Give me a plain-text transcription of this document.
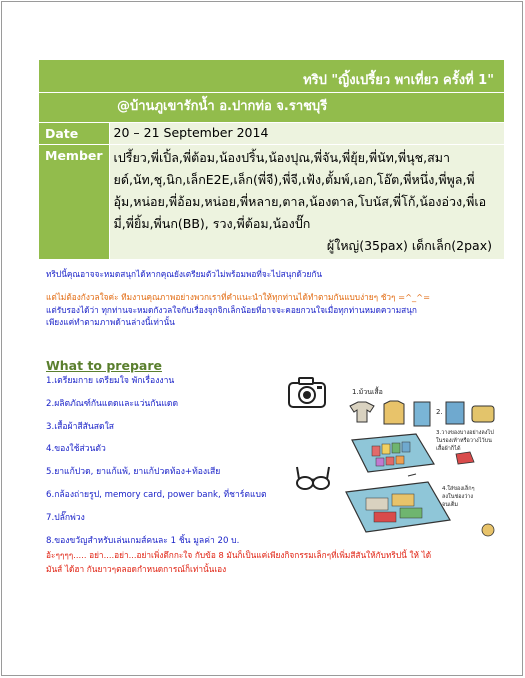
ทริป "ญิ้งเปรี้ยว พาเที่ยว ครั้งที่ 1"	
@บ้านภูเขารักน้ำ อ.ปากท่อ จ.ราชบุรี	
Date	20 – 21 September 2014
Member	เปรี้ยว,พี่เปิ้ล,พี่ต้อม,น้องปริ้น,น้องปุณ,พี่จัน,พี่ยุ้ย,พี่นัท,พี่นุช,สมายด์,นัท,ชุ,นิก,เล็กE2E,เล็ก(พี่จี),พี่จี,เฟ้ง,ตั้มพ์,เอก,โอ๊ต,พี่หนึ่ง,พี่พูล,พี่อุ้ม,หน่อย,พี่อ้อม,หน่อย,พี่หลาย,ตาล,น้องตาล,โบนัส,พี่โก้,น้องอ่วง,พี่เอมี่,พี่ยิ้ม,พี่นก(BB), รวง,พี่ต้อม,น้องปั๊ก
ผู้ใหญ่(35pax) เด็กเล็ก(2pax)
ทริปนี้คุณอาจจะหมดสนุกได้หากคุณยังเตรียมตัวไม่พร้อมพอที่จะไปสนุกด้วยกัน
แต่ไม่ต้องกังวลใจค่ะ ทีมงานคุณภาพอย่างพวกเราที่คำแนะนำให้ทุกท่านได้ทำตามกันแบบง่ายๆ ชัวๆ =^_^=
แต่รับรองได้ว่า ทุกท่านจะหมดกังวลใจกับเรื่องจุกจิกเล็กน้อยที่อาจจะคอยกวนใจเมื่อทุกท่านหมดความสนุก
เพียงแค่ทำตามภาพด้านล่างนี้เท่านั้น
What to prepare
1.เตรียมกาย เตรียมใจ พักเรื่องงาน
2.ผลิตภัณฑ์กันแดดและแว่นกันแดด
3.เสื้อผ้าสีสันสดใส
4.ของใช้ส่วนตัว
5.ยาแก้ปวด, ยาแก้แพ้, ยาแก้ปวดท้อง+ท้องเสีย
6.กล้องถ่ายรูป, memory card, power bank, ที่ชาร์ตแบต
7.ปลั๊กพ่วง
8.ของขวัญสำหรับเล่นเกมส์คนละ 1 ชิ้น มูลค่า 20 บ.
1.ม้วนเสื้อ
2.
3.วางของบางอย่างลงไป ในรองเท้าหรือวางไว้บน เสื้อผ้าก็ได้
4.ใส่ของเล็กๆ ลงในช่องว่าง จนเต็ม
อ้ะๆๆๆๆ..... อย่า....อย่า...อย่าเพิ่งตึกกะใจ กับข้อ 8 มันก็เป็นแค่เพียงกิจกรรมเล็กๆที่เพิ่มสีสันให้กับทริปนี้ ให้ ได้
มันส์ ได้ฮา กันยาวๆตลอดกำหนดการณ์ก็เท่านั้นเอง
